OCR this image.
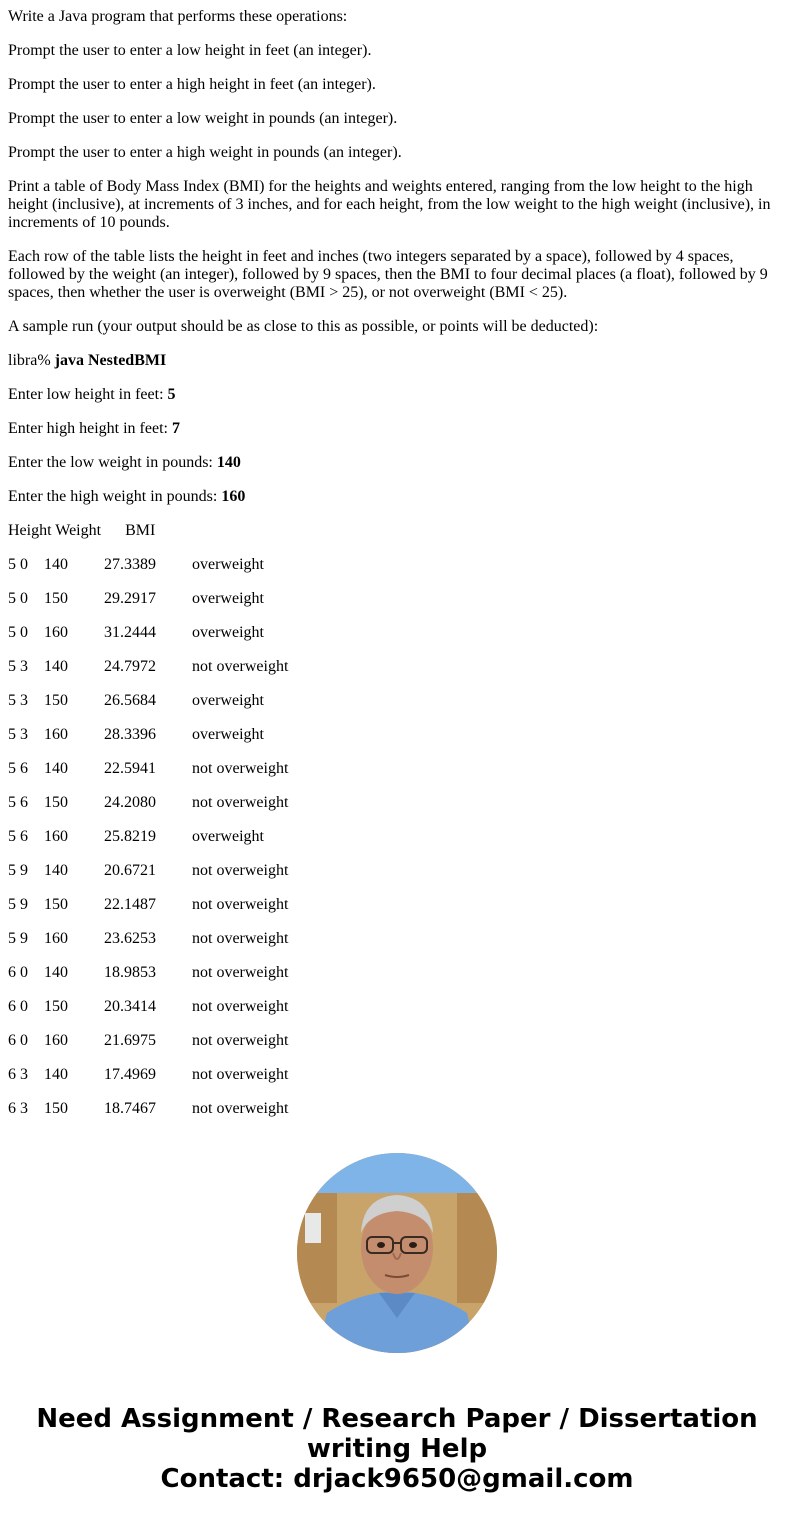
Write a Java program that performs these operations:

Prompt the user to enter a low height in feet (an integer).

Prompt the user to enter a high height in feet (an integer).

Prompt the user to enter a low weight in pounds (an integer).

Prompt the user to enter a high weight in pounds (an integer).

Print a table of Body Mass Index (BMI) for the heights and weights entered, ranging from the low height to the high height (inclusive), at increments of 3 inches, and for each height, from the low weight to the high weight (inclusive), in increments of 10 pounds.

Each row of the table lists the height in feet and inches (two integers separated by a space), followed by 4 spaces, followed by the weight (an integer), followed by 9 spaces, then the BMI to four decimal places (a float), followed by 9 spaces, then whether the user is overweight (BMI > 25), or not overweight (BMI < 25).

A sample run (your output should be as close to this as possible, or points will be deducted):

libra% java NestedBMI

Enter low height in feet: 5

Enter high height in feet: 7

Enter the low weight in pounds: 140

Enter the high weight in pounds: 160

Height Weight      BMI
5 0 140 27.3389 overweight
5 0 150 29.2917 overweight
5 0 160 31.2444 overweight
5 3 140 24.7972 not overweight
5 3 150 26.5684 overweight
5 3 160 28.3396 overweight
5 6 140 22.5941 not overweight
5 6 150 24.2080 not overweight
5 6 160 25.8219 overweight
5 9 140 20.6721 not overweight
5 9 150 22.1487 not overweight
5 9 160 23.6253 not overweight
6 0 140 18.9853 not overweight
6 0 150 20.3414 not overweight
6 0 160 21.6975 not overweight
6 3 140 17.4969 not overweight
6 3 150 18.7467 not overweight
Need Assignment / Research Paper / Dissertation
writing Help
Contact: drjack9650@gmail.com
